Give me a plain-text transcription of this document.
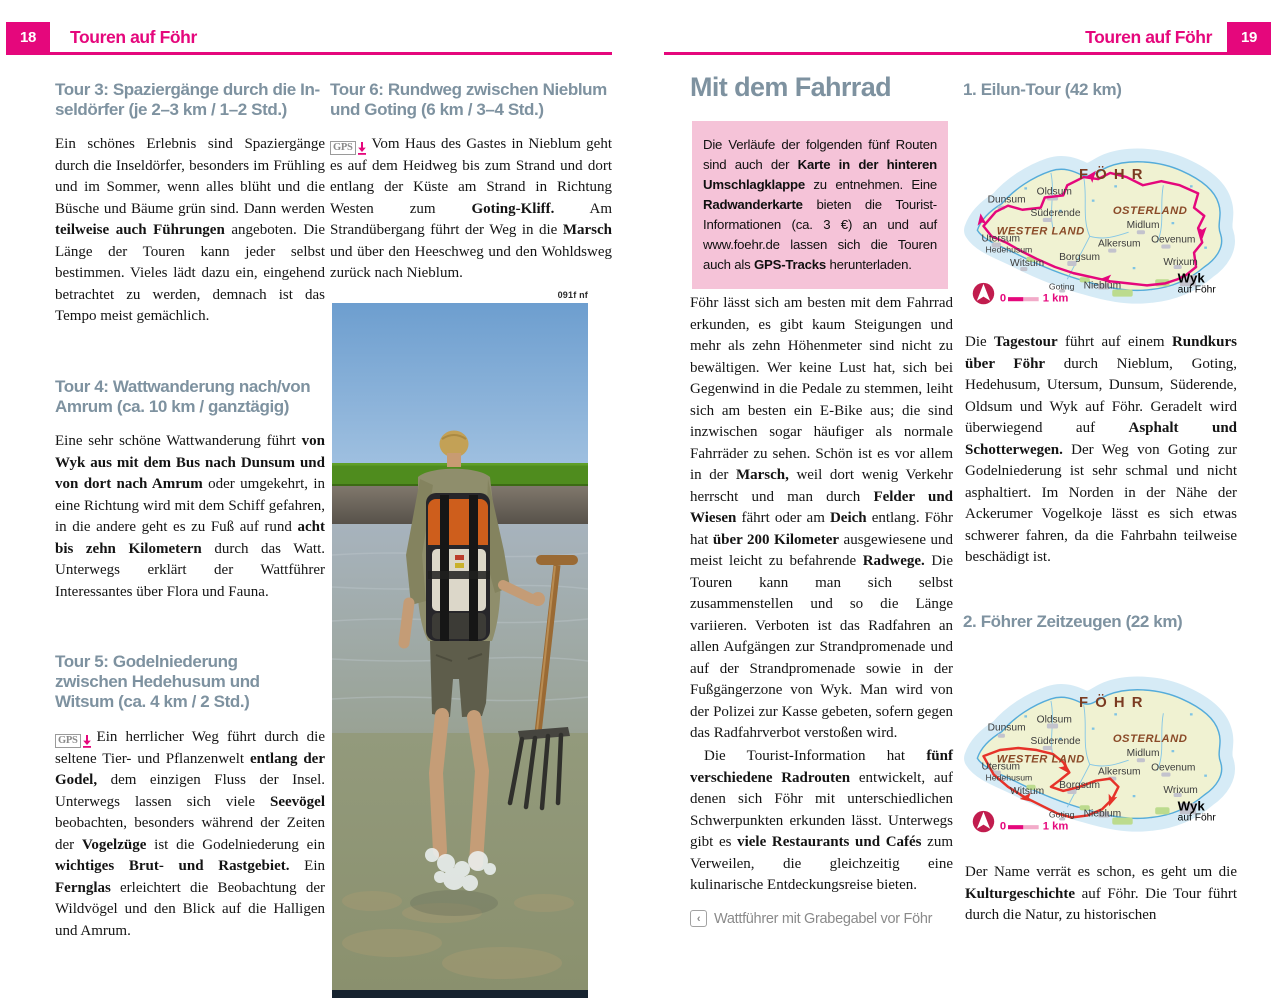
18	Touren auf Föhr
Tour 3: Spaziergänge durch die Inseldörfer (je 2–3 km / 1–2 Std.)

Ein schönes Erlebnis sind Spaziergänge durch die Inseldörfer, besonders im Frühling und im Sommer, wenn alles blüht und die Büsche und Bäume grün sind. Dann werden teilweise auch Führungen angeboten. Die Länge der Touren kann jeder selbst bestimmen. Vieles lädt dazu ein, eingehend betrachtet zu werden, demnach ist das Tempo meist gemächlich.

Tour 4: Wattwanderung nach/von Amrum (ca. 10 km / ganztägig)

Eine sehr schöne Wattwanderung führt von Wyk aus mit dem Bus nach Dunsum und von dort nach Amrum oder umgekehrt, in eine Richtung wird mit dem Schiff gefahren, in die andere geht es zu Fuß auf rund acht bis zehn Kilometern durch das Watt. Unterwegs erklärt der Wattführer Interessantes über Flora und Fauna.

Tour 5: Godelniederung zwischen Hedehusum und Witsum (ca. 4 km / 2 Std.)

GPS Ein herrlicher Weg führt durch die seltene Tier- und Pflanzenwelt entlang der Godel, dem einzigen Fluss der Insel. Unterwegs lassen sich viele Seevögel beobachten, besonders während der Zeiten der Vogelzüge ist die Godelniederung ein wichtiges Brut- und Rastgebiet. Ein Fernglas erleichtert die Beobachtung der Wildvögel und den Blick auf die Halligen und Amrum.

Tour 6: Rundweg zwischen Nieblum und Goting (6 km / 3–4 Std.)

GPS Vom Haus des Gastes in Nieblum geht es auf dem Heidweg bis zum Strand und dort entlang der Küste am Strand in Richtung Westen zum Goting-Kliff. Am Strandübergang führt der Weg in die Marsch und über den Heeschweg und den Wohldsweg zurück nach Nieblum.

091f nf
19
Touren auf Föhr
Mit dem Fahrrad
Die Verläufe der folgenden fünf Routen sind auch der Karte in der hinteren Umschlagklappe zu entnehmen. Eine Radwanderkarte bieten die Tourist-Informationen (ca. 3 €) an und auf www.foehr.de lassen sich die Touren auch als GPS-Tracks herunterladen.

Föhr lässt sich am besten mit dem Fahrrad erkunden, es gibt kaum Steigungen und mehr als zehn Höhenmeter sind nicht zu bewältigen. Wer keine Lust hat, sich bei Gegenwind in die Pedale zu stemmen, leiht sich am besten ein E-Bike aus; die sind inzwischen sogar häufiger als normale Fahrräder zu sehen. Schön ist es vor allem in der Marsch, weil dort wenig Verkehr herrscht und man durch Felder und Wiesen fährt oder am Deich entlang. Föhr hat über 200 Kilometer ausgewiesene und meist leicht zu befahrende Radwege. Die Touren kann man sich selbst zusammenstellen und so die Länge variieren. Verboten ist das Radfahren an allen Aufgängen zur Strandpromenade und auf der Strandpromenade sowie in der Fußgängerzone von Wyk. Man wird von der Polizei zur Kasse gebeten, sofern gegen das Radfahrverbot verstoßen wird.

Die Tourist-Information hat fünf verschiedene Radrouten entwickelt, auf denen sich Föhr mit unterschiedlichen Schwerpunkten erkunden lässt. Unterwegs gibt es viele Restaurants und Cafés zum Verweilen, die gleichzeitig eine kulinarische Entdeckungsreise bieten.

‹ Wattführer mit Grabegabel vor Föhr
1. Eilun-Tour (42 km)
FÖHR
OSTERLAND
WESTER LAND
Dunsum
Oldsum
Süderende
Utersum
Hedehusum
Witsum
Borgsum
Goting Nieblum
Alkersum
Midlum
Oevenum
Wrixum
Wyk
auf Föhr
0	1 km

Die Tagestour führt auf einem Rundkurs über Föhr durch Nieblum, Goting, Hedehusum, Utersum, Dunsum, Süderende, Oldsum und Wyk auf Föhr. Geradelt wird überwiegend auf Asphalt und Schotterwegen. Der Weg von Goting zur Godelniederung ist sehr schmal und nicht asphaltiert. Im Norden in der Nähe der Ackerumer Vogelkoje lässt es sich etwas schwerer fahren, da die Fahrbahn teilweise beschädigt ist.

2. Föhrer Zeitzeugen (22 km)
FÖHR
OSTERLAND
WESTER LAND
Dunsum
Oldsum
Süderende
Utersum
Hedehusum
Witsum
Borgsum
Goting Nieblum
Alkersum
Midlum
Oevenum
Wrixum
Wyk
auf Föhr
0	1 km

Der Name verrät es schon, es geht um die Kulturgeschichte auf Föhr. Die Tour führt durch die Natur, zu historischen
